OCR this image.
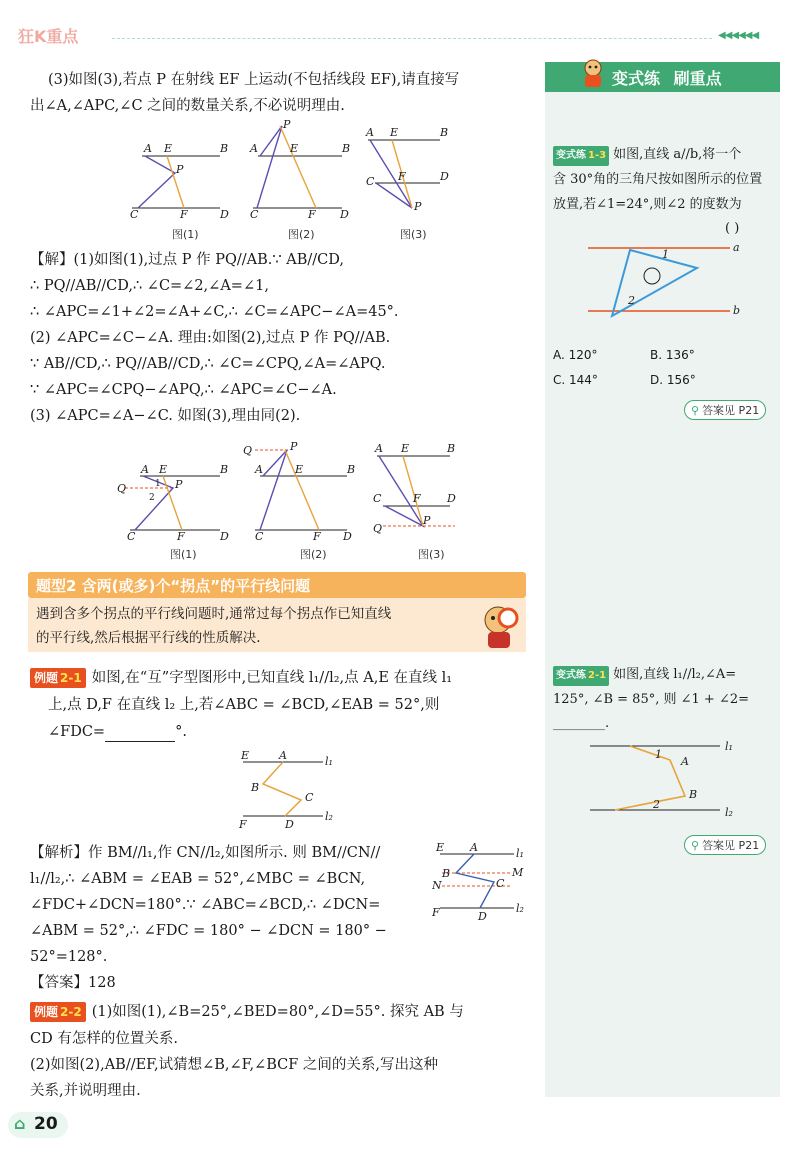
狂K重点	◀◀◀◀◀◀
变式练 刷重点
变式练 1-3 如图,直线 a//b,将一个
含 30°角的三角尺按如图所示的位置
放置,若∠1=24°,则∠2 的度数为
( )
a
b
1
2
A. 120°	B. 136°
C. 144°	D. 156°
⚲ 答案见 P21
变式练 2-1 如图,直线 l₁//l₂,∠A=
125°, ∠B = 85°, 则 ∠1 + ∠2=
________.
l₁
l₂
A
B
1
2
⚲ 答案见 P21
(3)如图(3),若点 P 在射线 EF 上运动(不包括线段 EF),请直接写
出∠A,∠APC,∠C 之间的数量关系,不必说明理由.
A E	B
P
C	F	D
P
A	E	B
C	F D
A E	B
C F	D
P
图(1)	图(2)	图(3)
【解】(1)如图(1),过点 P 作 PQ//AB.∵ AB//CD,
∴ PQ//AB//CD,∴ ∠C=∠2,∠A=∠1,
∴ ∠APC=∠1+∠2=∠A+∠C,∴ ∠C=∠APC−∠A=45°.
(2) ∠APC=∠C−∠A. 理由:如图(2),过点 P 作 PQ//AB.
∵ AB//CD,∴ PQ//AB//CD,∴ ∠C=∠CPQ,∠A=∠APQ.
∵ ∠APC=∠CPQ−∠APQ,∴ ∠APC=∠C−∠A.
(3) ∠APC=∠A−∠C. 如图(3),理由同(2).
A E	B
Q	P
1
2
C	F	D
Q	P
A	E	B
C	F D
A E	B
C	F D
Q
P
图(1)	图(2)	图(3)
题型2 含两(或多)个“拐点”的平行线问题
遇到含多个拐点的平行线问题时,通常过每个拐点作已知直线
的平行线,然后根据平行线的性质解决.
例题 2-1 如图,在“互”字型图形中,已知直线 l₁//l₂,点 A,E 在直线 l₁
上,点 D,F 在直线 l₂ 上,若∠ABC = ∠BCD,∠EAB = 52°,则
∠FDC=	°.
E	A	l₁
B
C
F	D
l₂
【解析】作 BM//l₁,作 CN//l₂,如图所示. 则 BM//CN//
l₁//l₂,∴ ∠ABM = ∠EAB = 52°,∠MBC = ∠BCN,
∠FDC+∠DCN=180°.∵ ∠ABC=∠BCD,∴ ∠DCN=
∠ABM = 52°,∴ ∠FDC = 180° − ∠DCN = 180° −
52°=128°.
E A	l₁
B	M
N	C
F	D
l₂
【答案】128
例题 2-2 (1)如图(1),∠B=25°,∠BED=80°,∠D=55°. 探究 AB 与
CD 有怎样的位置关系.
(2)如图(2),AB//EF,试猜想∠B,∠F,∠BCF 之间的关系,写出这种
关系,并说明理由.
⌂ 20
